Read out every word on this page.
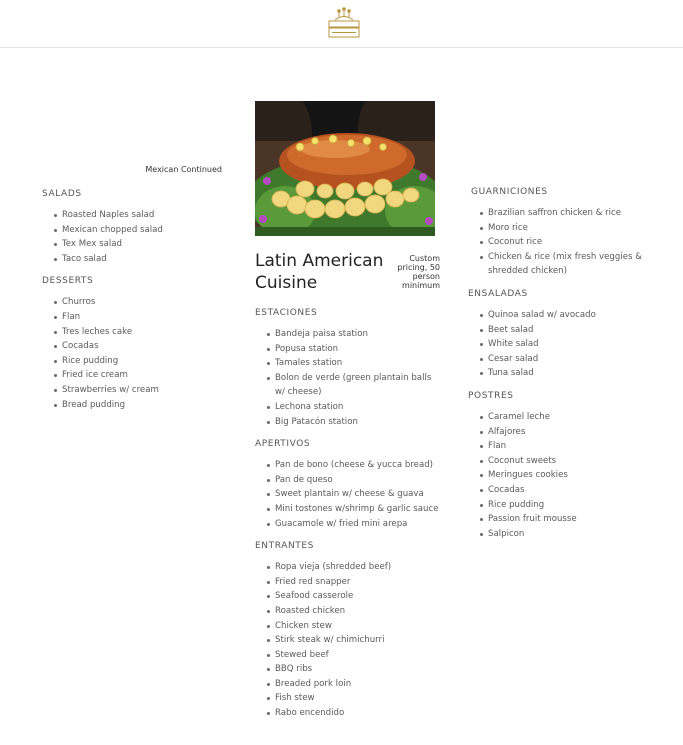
Mexican Continued
SALADS
Roasted Naples salad
Mexican chopped salad
Tex Mex salad
Taco salad
DESSERTS
Churros
Flan
Tres leches cake
Cocadas
Rice pudding
Fried ice cream
Strawberries w/ cream
Bread pudding
Latin American Cuisine
Custom pricing, 50 person minimum
ESTACIONES
Bandeja paisa station
Popusa station
Tamales station
Bolon de verde (green plantain balls w/ cheese)
Lechona station
Big Patacón station
APERTIVOS
Pan de bono (cheese & yucca bread)
Pan de queso
Sweet plantain w/ cheese & guava
Mini tostones w/shrimp & garlic sauce
Guacamole w/ fried mini arepa
ENTRANTES
Ropa vieja (shredded beef)
Fried red snapper
Seafood casserole
Roasted chicken
Chicken stew
Stirk steak w/ chimichurri
Stewed beef
BBQ ribs
Breaded pork loin
Fish stew
Rabo encendido
GUARNICIONES
Brazilian saffron chicken & rice
Moro rice
Coconut rice
Chicken & rice (mix fresh veggies & shredded chicken)
ENSALADAS
Quinoa salad w/ avocado
Beet salad
White salad
Cesar salad
Tuna salad
POSTRES
Caramel leche
Alfajores
Flan
Coconut sweets
Meringues cookies
Cocadas
Rice pudding
Passion fruit mousse
Salpicon
